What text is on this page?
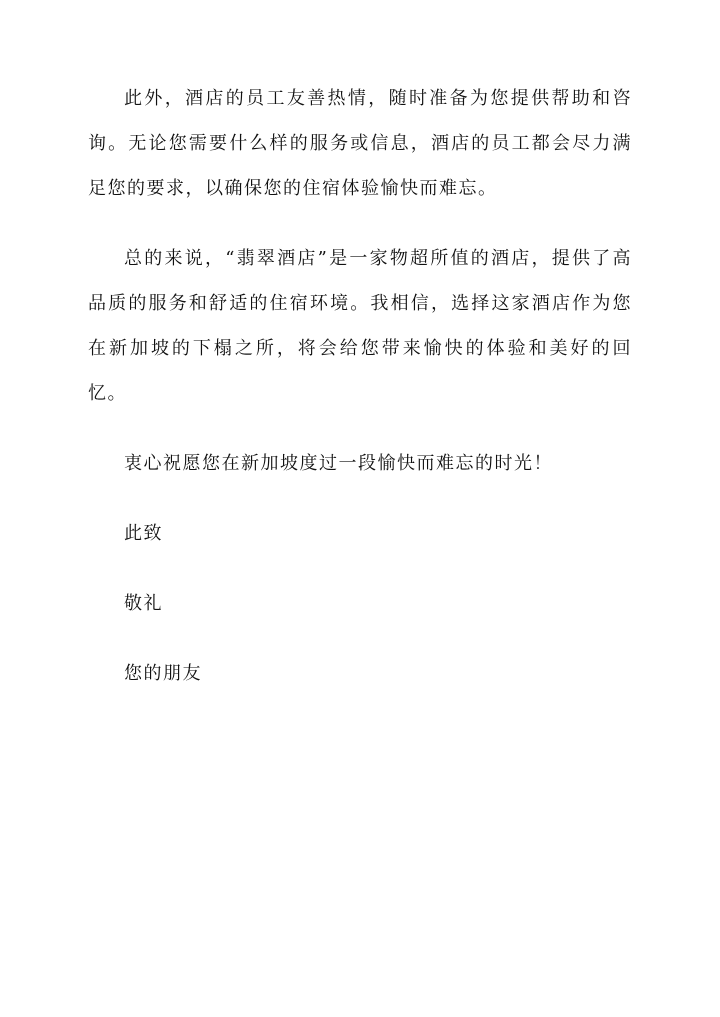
此外，酒店的员工友善热情，随时准备为您提供帮助和咨询。无论您需要什么样的服务或信息，酒店的员工都会尽力满足您的要求，以确保您的住宿体验愉快而难忘。

总的来说，“翡翠酒店”是一家物超所值的酒店，提供了高品质的服务和舒适的住宿环境。我相信，选择这家酒店作为您在新加坡的下榻之所，将会给您带来愉快的体验和美好的回忆。

衷心祝愿您在新加坡度过一段愉快而难忘的时光！

此致

敬礼

您的朋友
